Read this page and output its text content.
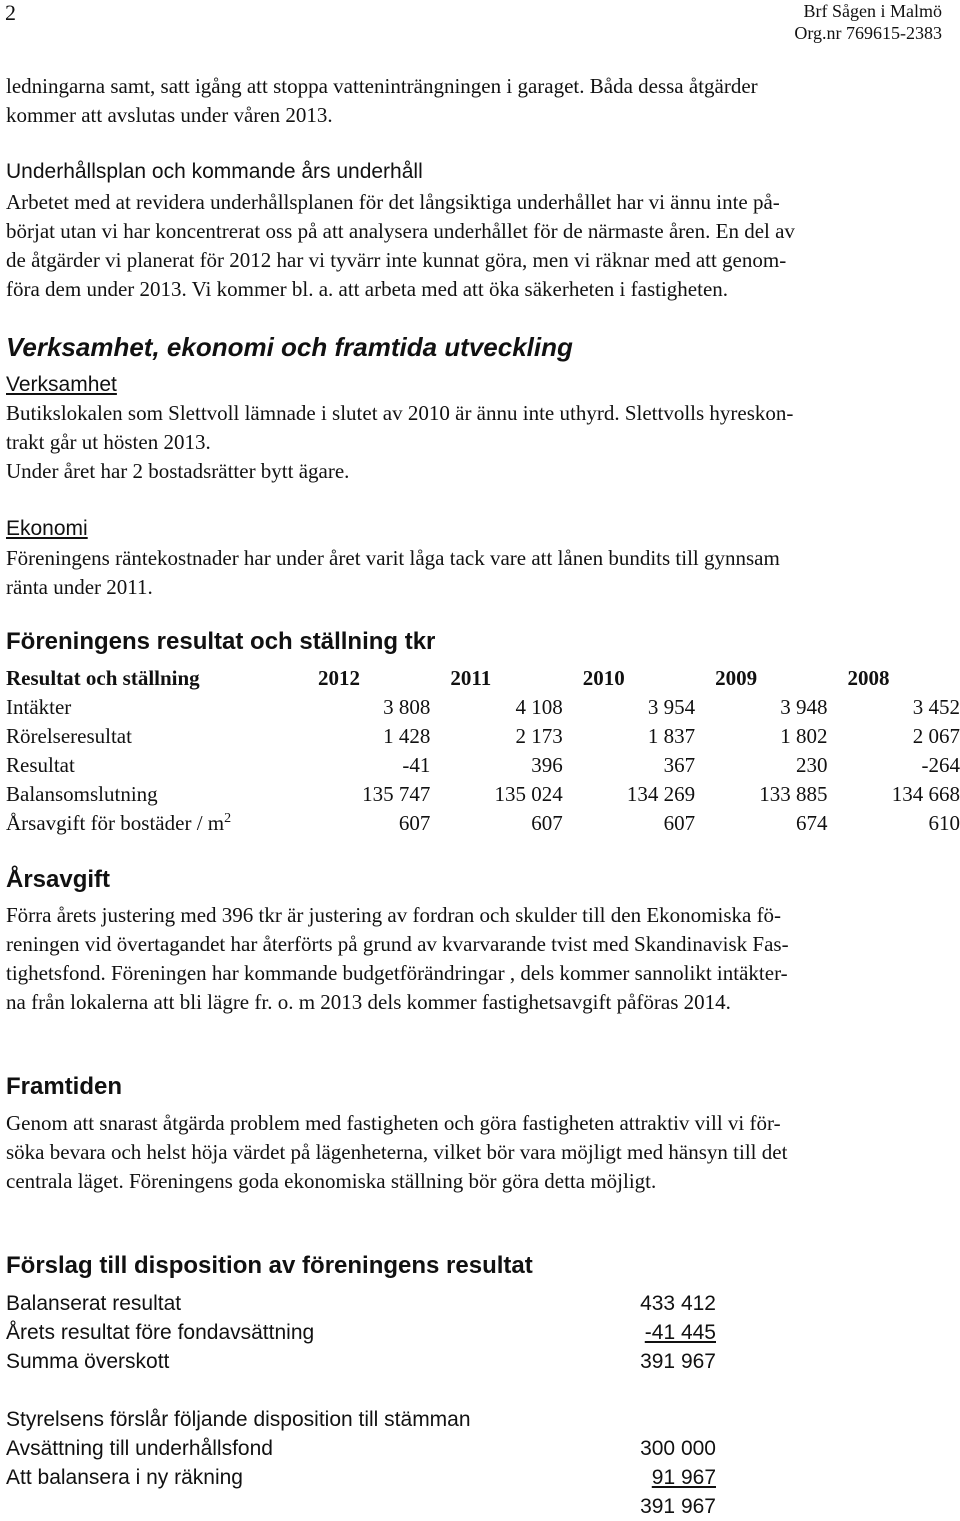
2	Brf Sågen i Malmö
Org.nr 769615-2383
ledningarna samt, satt igång att stoppa vatteninträngningen i garaget. Båda dessa åtgärder
kommer att avslutas under våren 2013.
Underhållsplan och kommande års underhåll
Arbetet med at revidera underhållsplanen för det långsiktiga underhållet har vi ännu inte på-
börjat utan vi har koncentrerat oss på att analysera underhållet för de närmaste åren. En del av
de åtgärder vi planerat för 2012 har vi tyvärr inte kunnat göra, men vi räknar med att genom-
föra dem under 2013. Vi kommer bl. a. att arbeta med att öka säkerheten i fastigheten.
Verksamhet, ekonomi och framtida utveckling
Verksamhet
Butikslokalen som Slettvoll lämnade i slutet av 2010 är ännu inte uthyrd. Slettvolls hyreskon-
trakt går ut hösten 2013.
Under året har 2 bostadsrätter bytt ägare.
Ekonomi
Föreningens räntekostnader har under året varit låga tack vare att lånen bundits till gynnsam
ränta under 2011.
Föreningens resultat och ställning tkr
Resultat och ställning	2012	2011	2010	2009	2008
Intäkter	3 808	4 108	3 954	3 948	3 452
Rörelseresultat	1 428	2 173	1 837	1 802	2 067
Resultat	-41	396	367	230	-264
Balansomslutning	135 747	135 024	134 269	133 885	134 668
Årsavgift för bostäder / $m^2$	607	607	607	674	610
Årsavgift
Förra årets justering med 396 tkr är justering av fordran och skulder till den Ekonomiska fö-
reningen vid övertagandet har återförts på grund av kvarvarande tvist med Skandinavisk Fas-
tighetsfond. Föreningen har kommande budgetförändringar , dels kommer sannolikt intäkter-
na från lokalerna att bli lägre fr. o. m 2013 dels kommer fastighetsavgift påföras 2014.
Framtiden
Genom att snarast åtgärda problem med fastigheten och göra fastigheten attraktiv vill vi för-
söka bevara och helst höja värdet på lägenheterna, vilket bör vara möjligt med hänsyn till det
centrala läget. Föreningens goda ekonomiska ställning bör göra detta möjligt.
Förslag till disposition av föreningens resultat
Balanserat resultat	433 412
Årets resultat före fondavsättning	-41 445
Summa överskott	391 967
Styrelsens förslår följande disposition till stämman
Avsättning till underhållsfond	300 000
Att balansera i ny räkning	91 967
391 967
